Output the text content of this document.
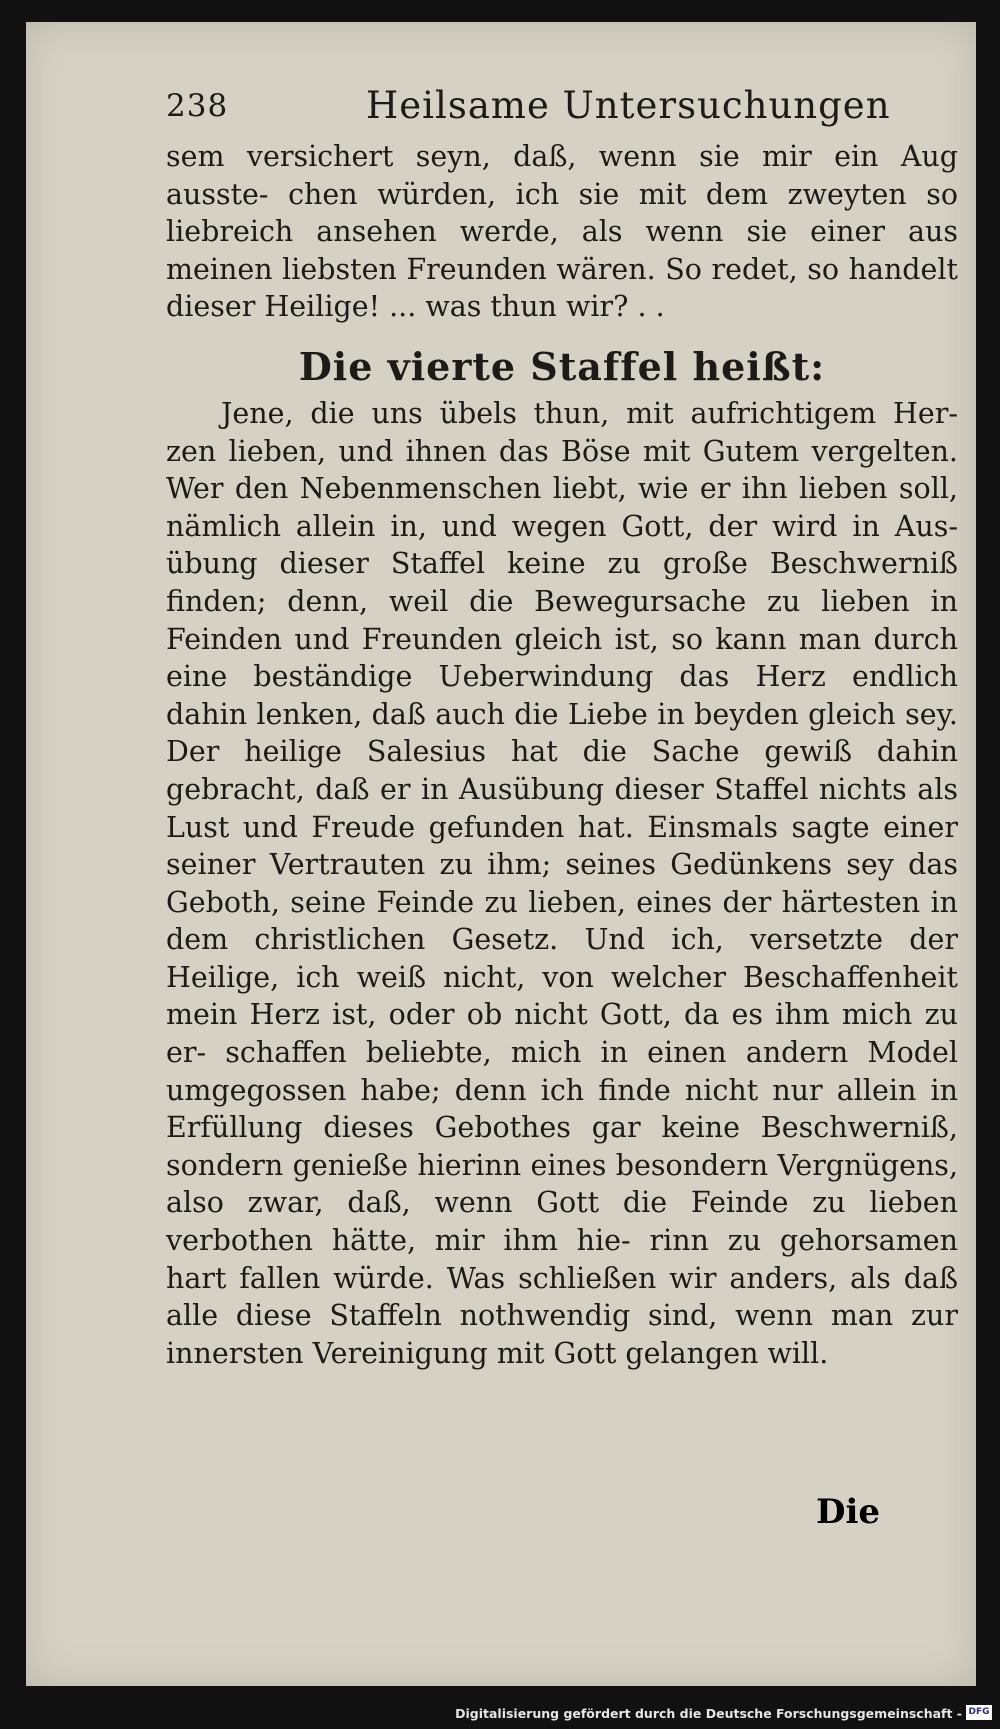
238	Heilsame Untersuchungen

sem versichert seyn, daß, wenn sie mir ein Aug ausste- chen würden, ich sie mit dem zweyten so liebreich ansehen werde, als wenn sie einer aus meinen liebsten Freunden wären. So redet, so handelt dieser Heilige! ... was thun wir? . .

Die vierte Staffel heißt:

Jene, die uns übels thun, mit aufrichtigem Her- zen lieben, und ihnen das Böse mit Gutem vergelten. Wer den Nebenmenschen liebt, wie er ihn lieben soll, nämlich allein in, und wegen Gott, der wird in Aus- übung dieser Staffel keine zu große Beschwerniß finden; denn, weil die Bewegursache zu lieben in Feinden und Freunden gleich ist, so kann man durch eine beständige Ueberwindung das Herz endlich dahin lenken, daß auch die Liebe in beyden gleich sey. Der heilige Salesius hat die Sache gewiß dahin gebracht, daß er in Ausübung dieser Staffel nichts als Lust und Freude gefunden hat. Einsmals sagte einer seiner Vertrauten zu ihm; seines Gedünkens sey das Geboth, seine Feinde zu lieben, eines der härtesten in dem christlichen Gesetz. Und ich, versetzte der Heilige, ich weiß nicht, von welcher Beschaffenheit mein Herz ist, oder ob nicht Gott, da es ihm mich zu er- schaffen beliebte, mich in einen andern Model umgegossen habe; denn ich finde nicht nur allein in Erfüllung dieses Gebothes gar keine Beschwerniß, sondern genieße hierinn eines besondern Vergnügens, also zwar, daß, wenn Gott die Feinde zu lieben verbothen hätte, mir ihm hie- rinn zu gehorsamen hart fallen würde. Was schließen wir anders, als daß alle diese Staffeln nothwendig sind, wenn man zur innersten Vereinigung mit Gott gelangen will.

Die
Digitalisierung gefördert durch die Deutsche Forschungsgemeinschaft - DFG
